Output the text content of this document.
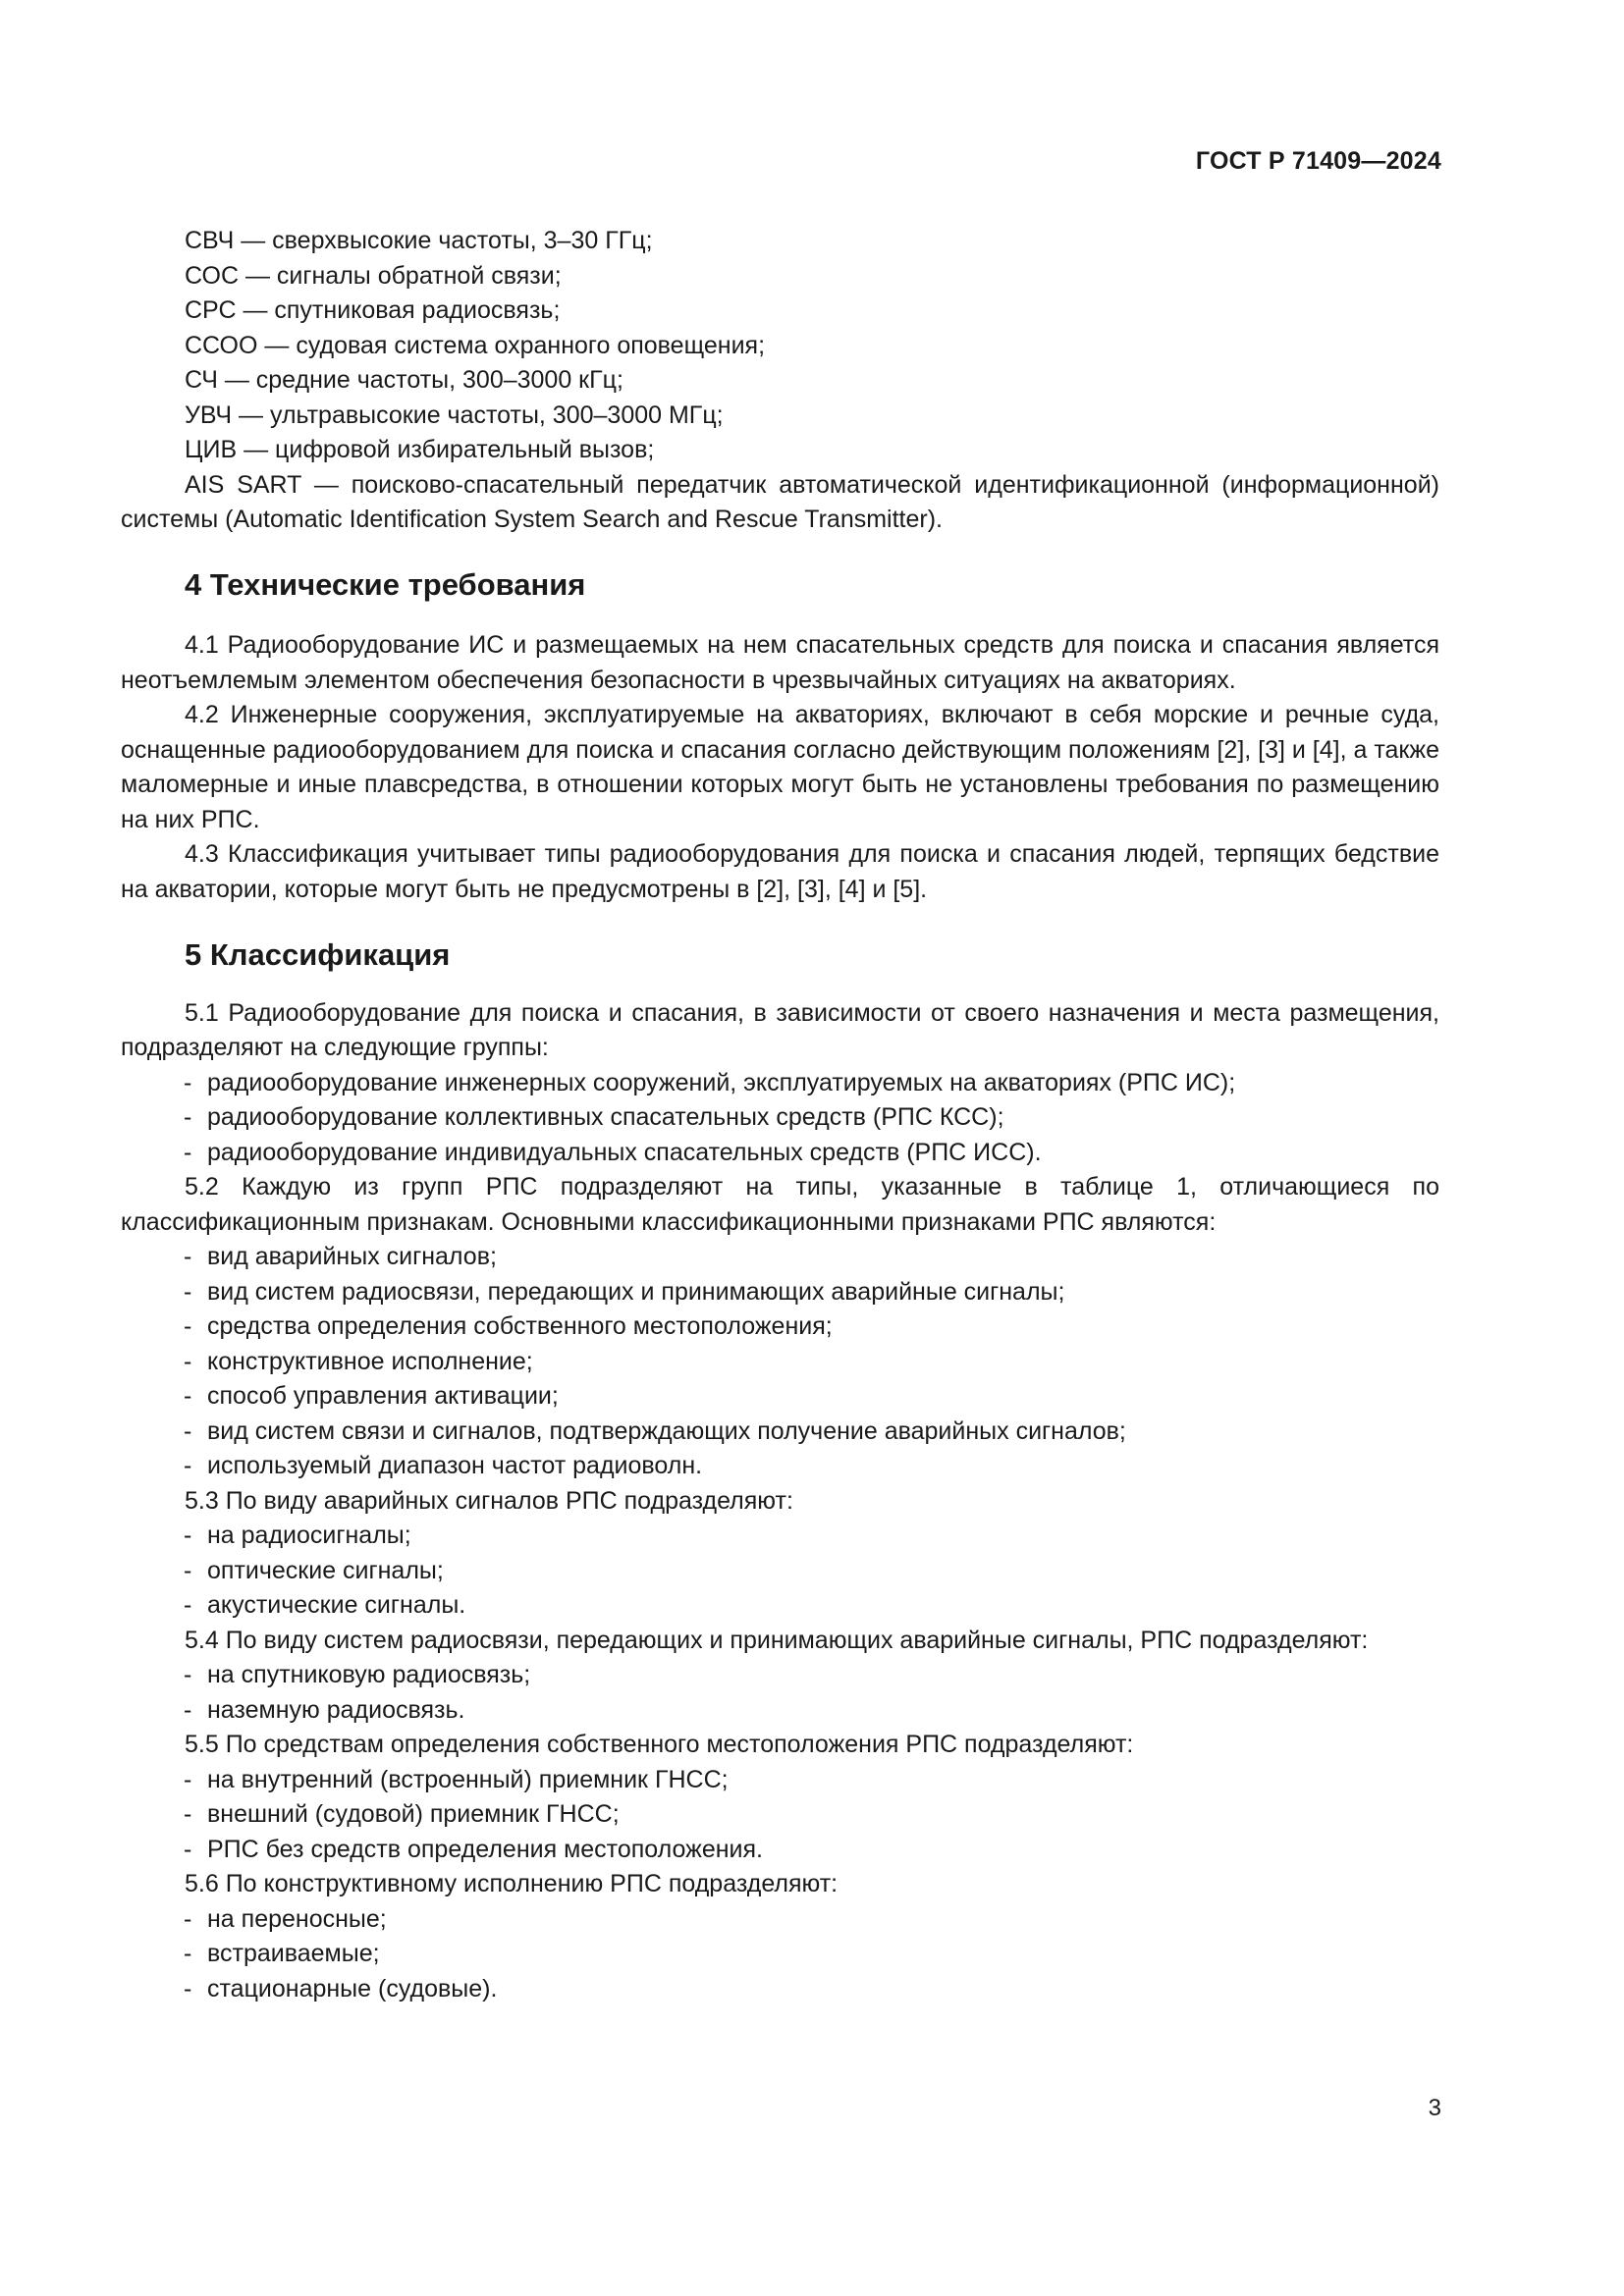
ГОСТ Р 71409—2024

СВЧ — сверхвысокие частоты, 3–30 ГГц;

СОС — сигналы обратной связи;

СРС — спутниковая радиосвязь;

ССОО — судовая система охранного оповещения;

СЧ — средние частоты, 300–3000 кГц;

УВЧ — ультравысокие частоты, 300–3000 МГц;

ЦИВ — цифровой избирательный вызов;

AIS SART — поисково-спасательный передатчик автоматической идентификационной (информационной) системы (Automatic Identification System Search and Rescue Transmitter).

4 Технические требования

4.1 Радиооборудование ИС и размещаемых на нем спасательных средств для поиска и спасания является неотъемлемым элементом обеспечения безопасности в чрезвычайных ситуациях на акваториях.

4.2 Инженерные сооружения, эксплуатируемые на акваториях, включают в себя морские и речные суда, оснащенные радиооборудованием для поиска и спасания согласно действующим положениям [2], [3] и [4], а также маломерные и иные плавсредства, в отношении которых могут быть не установлены требования по размещению на них РПС.

4.3 Классификация учитывает типы радиооборудования для поиска и спасания людей, терпящих бедствие на акватории, которые могут быть не предусмотрены в [2], [3], [4] и [5].

5 Классификация

5.1 Радиооборудование для поиска и спасания, в зависимости от своего назначения и места размещения, подразделяют на следующие группы:

- радиооборудование инженерных сооружений, эксплуатируемых на акваториях (РПС ИС);
- радиооборудование коллективных спасательных средств (РПС КСС);
- радиооборудование индивидуальных спасательных средств (РПС ИСС).

5.2 Каждую из групп РПС подразделяют на типы, указанные в таблице 1, отличающиеся по классификационным признакам. Основными классификационными признаками РПС являются:

- вид аварийных сигналов;
- вид систем радиосвязи, передающих и принимающих аварийные сигналы;
- средства определения собственного местоположения;
- конструктивное исполнение;
- способ управления активации;
- вид систем связи и сигналов, подтверждающих получение аварийных сигналов;
- используемый диапазон частот радиоволн.

5.3 По виду аварийных сигналов РПС подразделяют:

- на радиосигналы;
- оптические сигналы;
- акустические сигналы.

5.4 По виду систем радиосвязи, передающих и принимающих аварийные сигналы, РПС подразделяют:

- на спутниковую радиосвязь;
- наземную радиосвязь.

5.5 По средствам определения собственного местоположения РПС подразделяют:

- на внутренний (встроенный) приемник ГНСС;
- внешний (судовой) приемник ГНСС;
- РПС без средств определения местоположения.

5.6 По конструктивному исполнению РПС подразделяют:

- на переносные;
- встраиваемые;
- стационарные (судовые).
3
